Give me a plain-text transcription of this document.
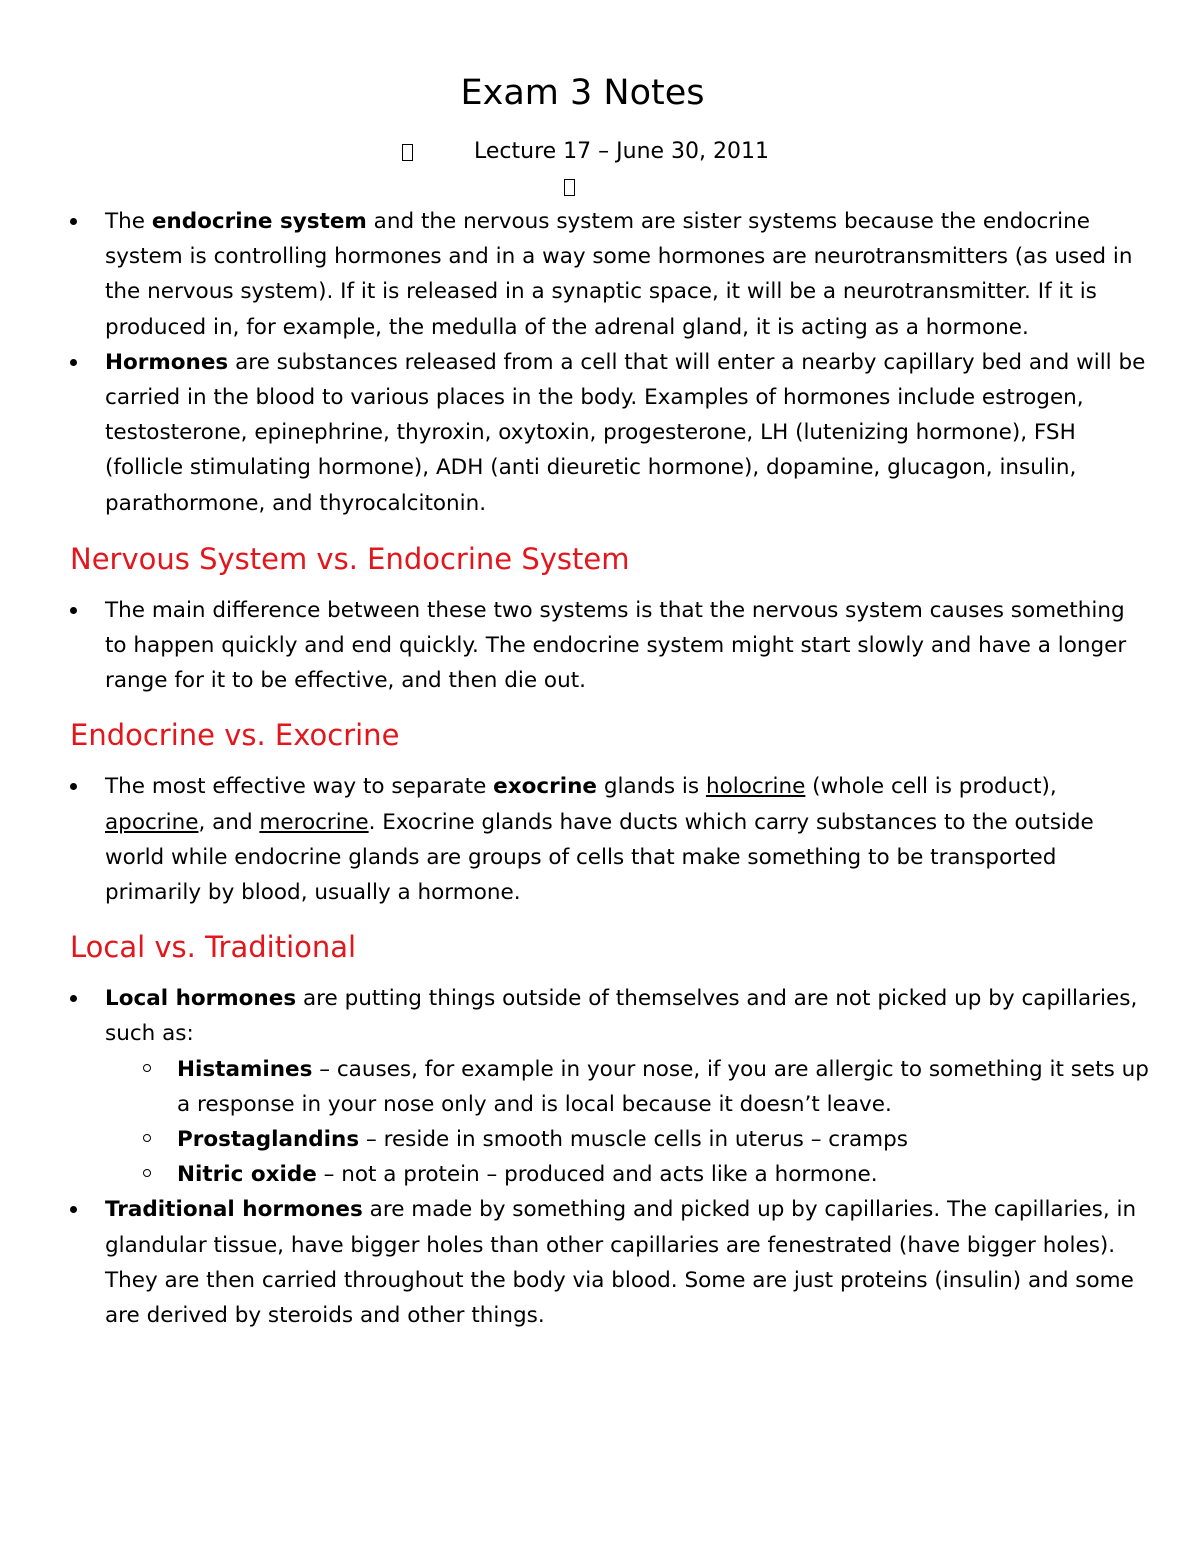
Exam 3 Notes
Lecture 17 – June 30, 2011
The endocrine system and the nervous system are sister systems because the endocrine system is controlling hormones and in a way some hormones are neurotransmitters (as used in the nervous system). If it is released in a synaptic space, it will be a neurotransmitter. If it is produced in, for example, the medulla of the adrenal gland, it is acting as a hormone.
Hormones are substances released from a cell that will enter a nearby capillary bed and will be carried in the blood to various places in the body. Examples of hormones include estrogen, testosterone, epinephrine, thyroxin, oxytoxin, progesterone, LH (lutenizing hormone), FSH (follicle stimulating hormone), ADH (anti dieuretic hormone), dopamine, glucagon, insulin, parathormone, and thyrocalcitonin.
Nervous System vs. Endocrine System
The main difference between these two systems is that the nervous system causes something to happen quickly and end quickly. The endocrine system might start slowly and have a longer range for it to be effective, and then die out.
Endocrine vs. Exocrine
The most effective way to separate exocrine glands is holocrine (whole cell is product), apocrine, and merocrine. Exocrine glands have ducts which carry substances to the outside world while endocrine glands are groups of cells that make something to be transported primarily by blood, usually a hormone.
Local vs. Traditional
Local hormones are putting things outside of themselves and are not picked up by capillaries, such as:
Histamines – causes, for example in your nose, if you are allergic to something it sets up a response in your nose only and is local because it doesn’t leave.
Prostaglandins – reside in smooth muscle cells in uterus – cramps
Nitric oxide – not a protein – produced and acts like a hormone.
Traditional hormones are made by something and picked up by capillaries. The capillaries, in glandular tissue, have bigger holes than other capillaries are fenestrated (have bigger holes). They are then carried throughout the body via blood. Some are just proteins (insulin) and some are derived by steroids and other things.
